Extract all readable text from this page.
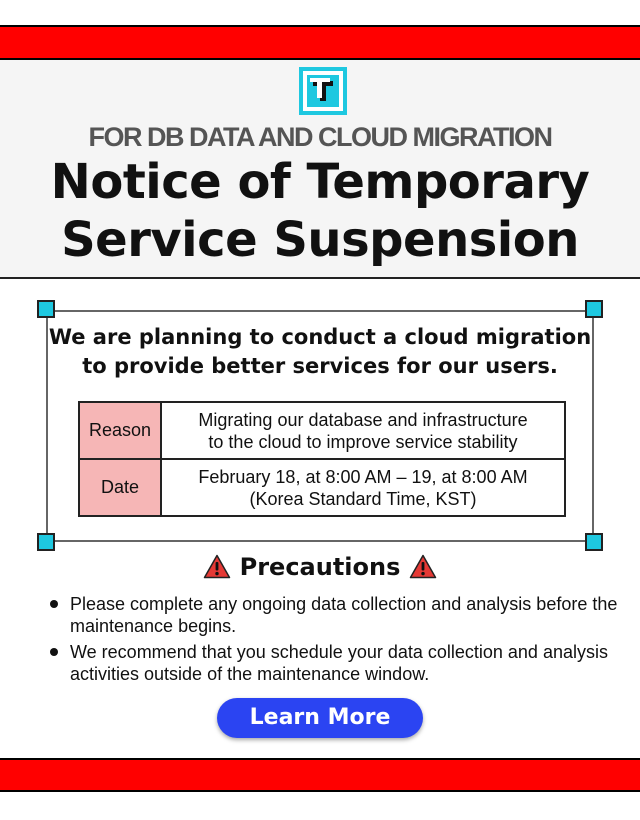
FOR DB DATA AND CLOUD MIGRATION
Notice of Temporary
Service Suspension
We are planning to conduct a cloud migration
to provide better services for our users.
Reason	Migrating our database and infrastructure
to the cloud to improve service stability

Date	February 18, at 8:00 AM – 19, at 8:00 AM
(Korea Standard Time, KST)
Precautions
Please complete any ongoing data collection and analysis before the maintenance begins.
We recommend that you schedule your data collection and analysis activities outside of the maintenance window.
Learn More
